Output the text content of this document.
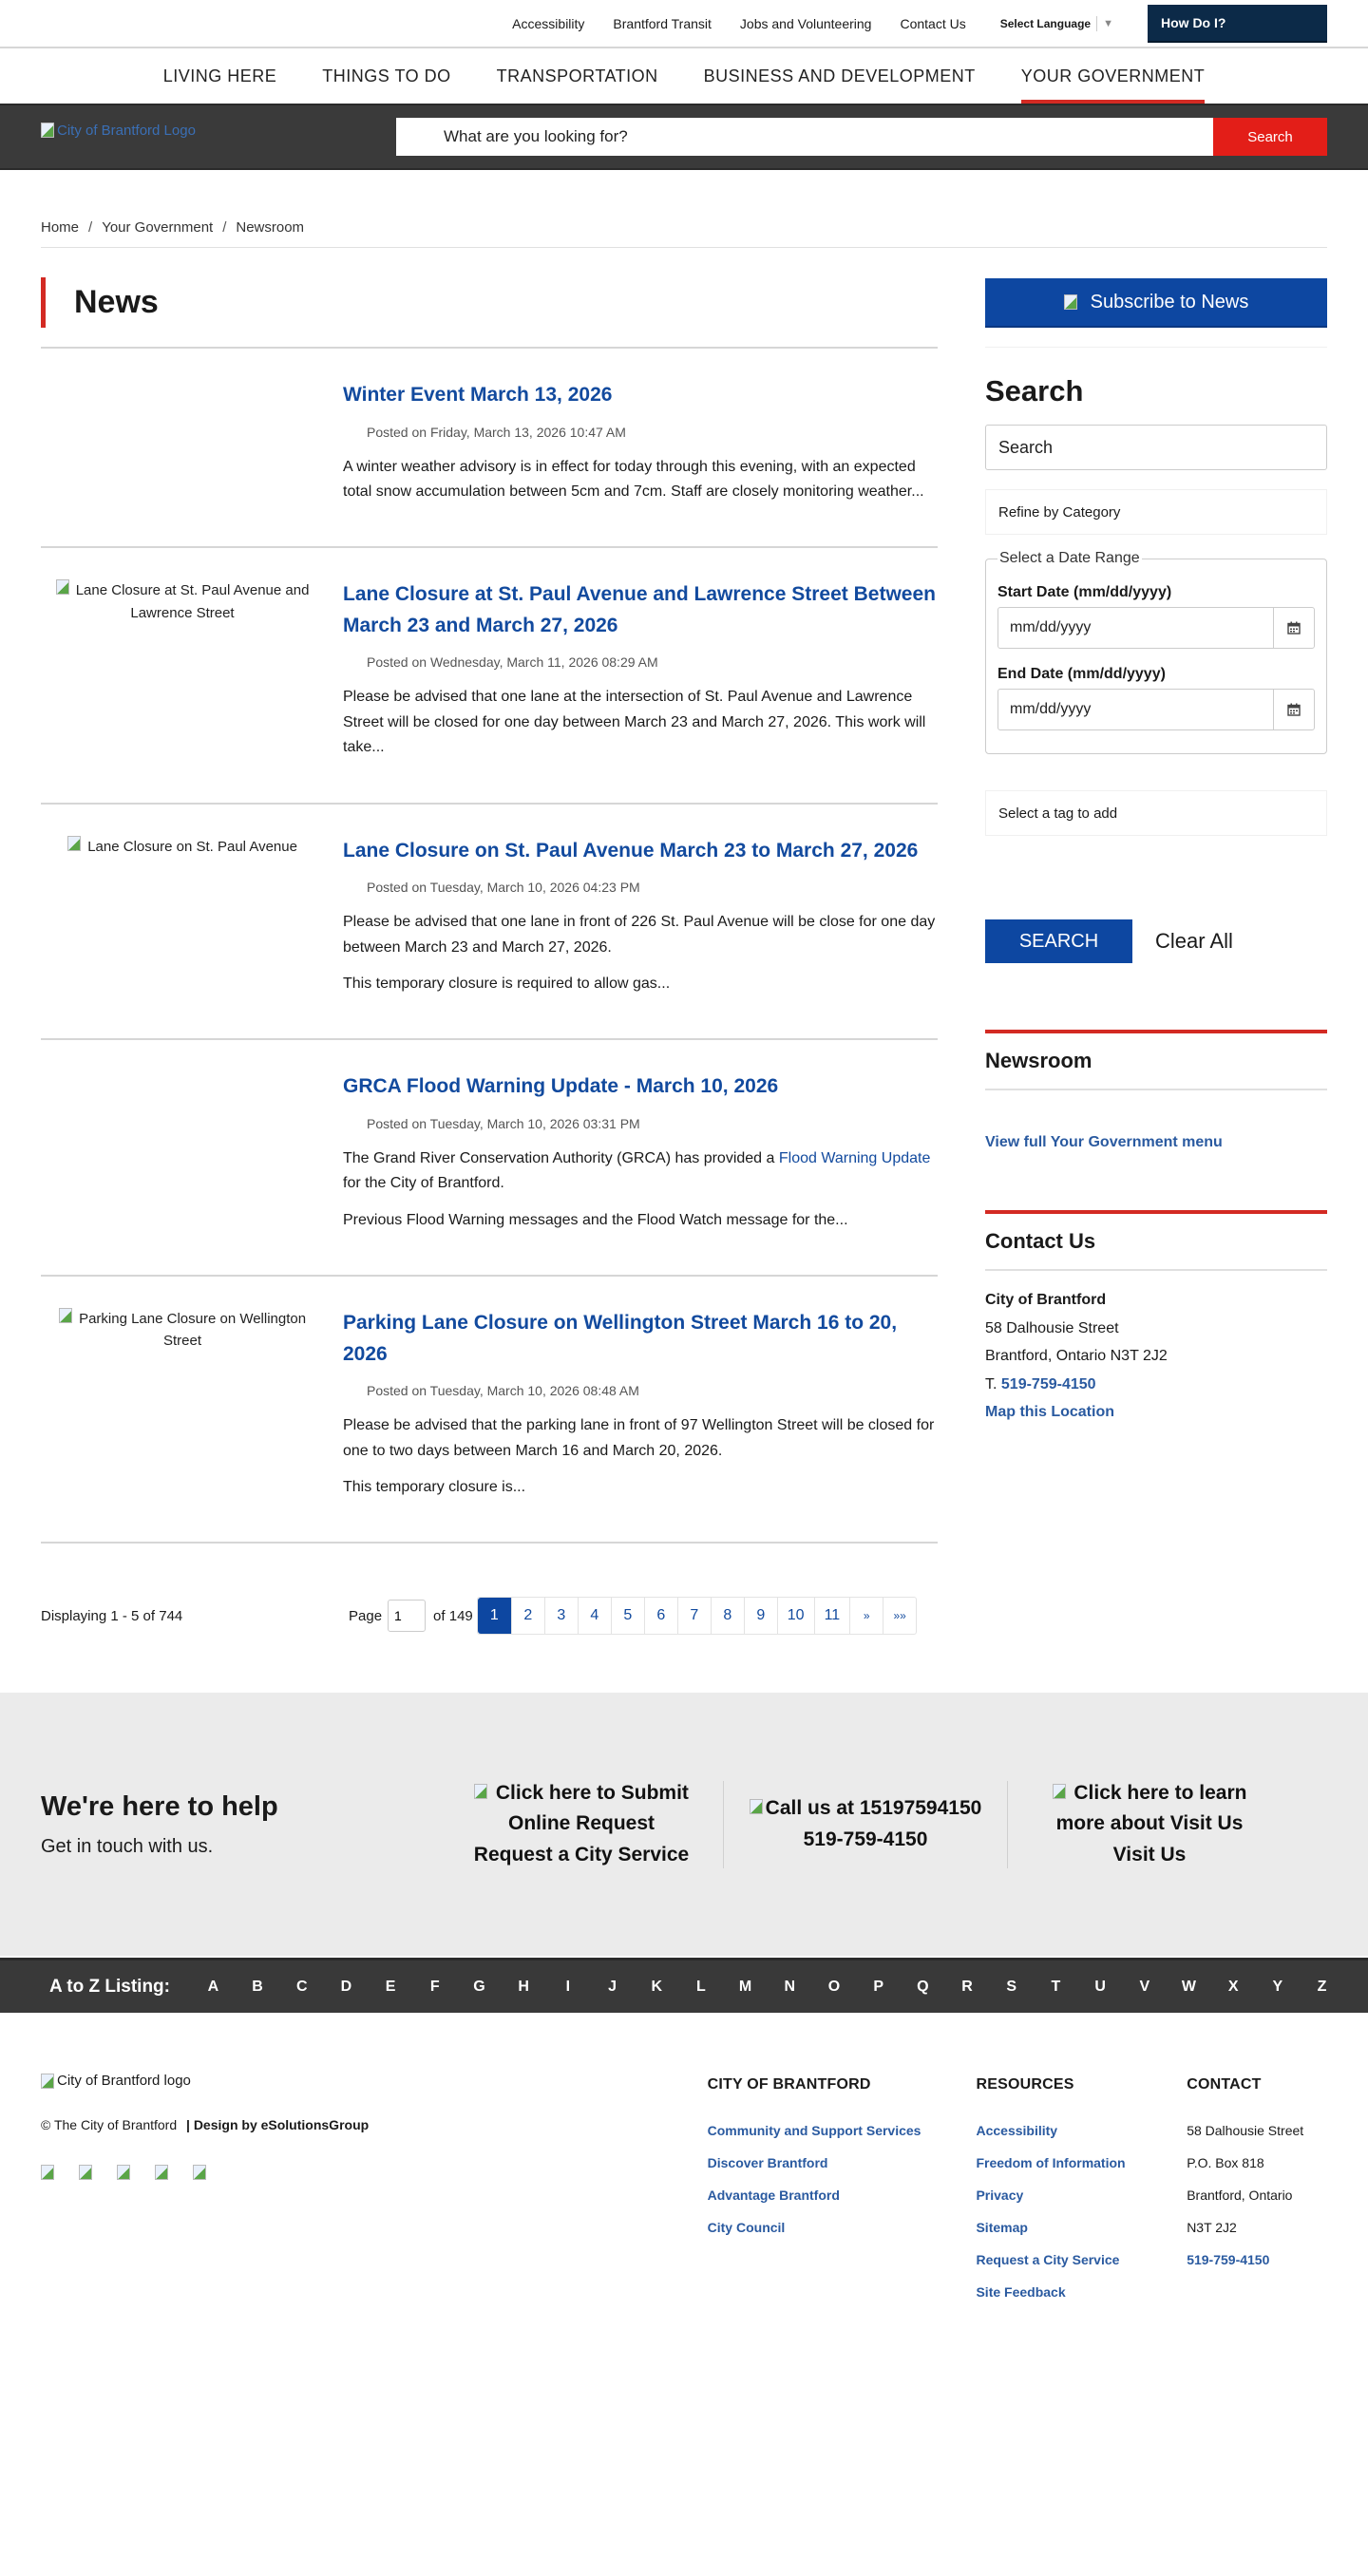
Accessibility Brantford Transit Jobs and Volunteering Contact Us	Select Language ▼	How Do I?
LIVING HERE	THINGS TO DO	TRANSPORTATION	BUSINESS AND DEVELOPMENT	YOUR GOVERNMENT
City of Brantford Logo
What are you looking for?	Search
Home / Your Government / Newsroom
News
Winter Event March 13, 2026
Posted on Friday, March 13, 2026 10:47 AM

A winter weather advisory is in effect for today through this evening, with an expected total snow accumulation between 5cm and 7cm. Staff are closely monitoring weather...

Lane Closure at St. Paul Avenue and Lawrence Street
Lane Closure at St. Paul Avenue and Lawrence Street Between March 23 and March 27, 2026
Posted on Wednesday, March 11, 2026 08:29 AM

Please be advised that one lane at the intersection of St. Paul Avenue and Lawrence Street will be closed for one day between March 23 and March 27, 2026. This work will take...

Lane Closure on St. Paul Avenue	Lane Closure on St. Paul Avenue March 23 to March 27, 2026
Posted on Tuesday, March 10, 2026 04:23 PM

Please be advised that one lane in front of 226 St. Paul Avenue will be close for one day between March 23 and March 27, 2026.

This temporary closure is required to allow gas...

GRCA Flood Warning Update - March 10, 2026
Posted on Tuesday, March 10, 2026 03:31 PM

The Grand River Conservation Authority (GRCA) has provided a Flood Warning Update for the City of Brantford.

Previous Flood Warning messages and the Flood Watch message for the...

Parking Lane Closure on Wellington Street
Parking Lane Closure on Wellington Street March 16 to 20, 2026
Posted on Tuesday, March 10, 2026 08:48 AM

Please be advised that the parking lane in front of 97 Wellington Street will be closed for one to two days between March 16 and March 20, 2026.

This temporary closure is...

Displaying 1 - 5 of 744	Page
1	of 149	1	2	3	4	5	6	7	8	9	10	11	»	»»
Subscribe to News
Search
Search
Refine by Category
Select a Date Range
Start Date (mm/dd/yyyy)
mm/dd/yyyy
End Date (mm/dd/yyyy)
mm/dd/yyyy
Select a tag to add
SEARCH	Clear All
Newsroom
View full Your Government menu
Contact Us
City of Brantford
58 Dalhousie Street
Brantford, Ontario N3T 2J2
T. 519-759-4150
Map this Location
We're here to help

Get in touch with us.

Click here to Submit Online Request
Request a City Service
Call us at 15197594150
519-759-4150
Click here to learn more about Visit Us
Visit Us
A to Z Listing:	A	B	C	D	E	F	G	H	I	J	K	L	M	N	O	P	Q	R	S	T	U	V	W	X	Y	Z
City of Brantford logo
© The City of Brantford | Design by eSolutionsGroup
CITY OF BRANTFORD
Community and Support Services
Discover Brantford
Advantage Brantford
City Council
RESOURCES
Accessibility
Freedom of Information
Privacy
Sitemap
Request a City Service
Site Feedback
CONTACT
58 Dalhousie Street
P.O. Box 818
Brantford, Ontario
N3T 2J2
519-759-4150
